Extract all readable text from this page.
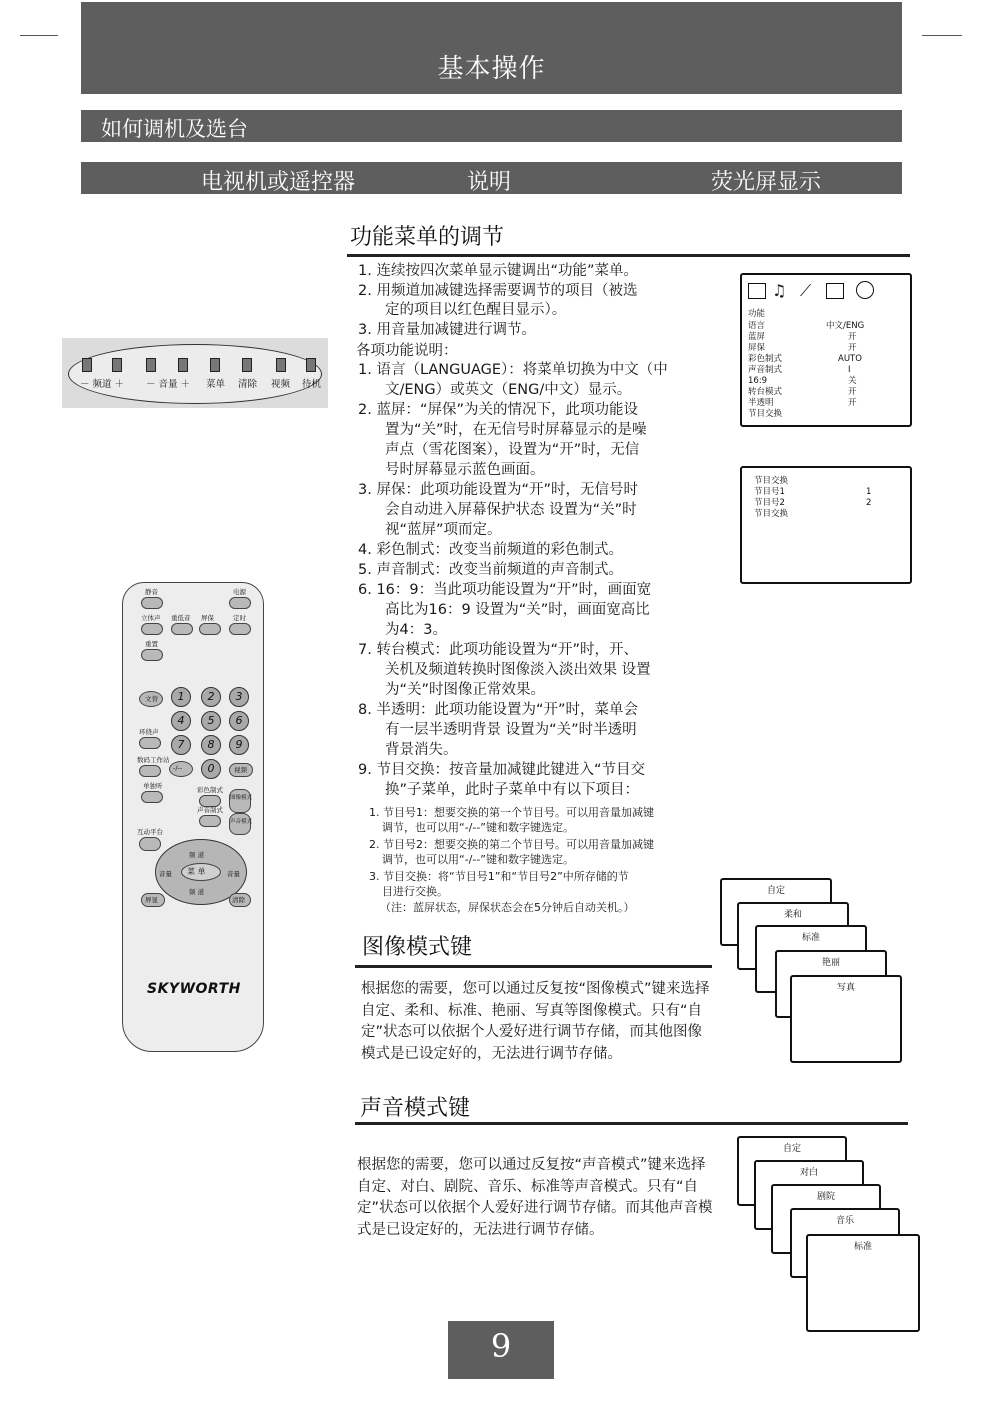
基本操作
如何调机及选台
电视机或遥控器	说明	荧光屏显示
－ 频道 ＋ － 音量 ＋ 菜单 清除 视频 待机
静音	电源
立体声 重低音 屏保	定时
重置
文替
环绕声
数码工作站
单独听
1	2	3
4	5	6
7	8	9
-/--	0	视频
彩色制式
图像模式
声音制式
声音模式
互动平台
菜 单
频 道
频 道
音量	音量
屏显	清除
SKYWORTH
功能菜单的调节
1. 连续按四次菜单显示键调出“功能”菜单。
2. 用频道加减键选择需要调节的项目（被选
定的项目以红色醒目显示）。
3. 用音量加减键进行调节。
各项功能说明：
1. 语言（LANGUAGE）：将菜单切换为中文（中
文/ENG）或英文（ENG/中文）显示。
2. 蓝屏：“屏保”为关的情况下，此项功能设
置为“关”时，在无信号时屏幕显示的是噪
声点（雪花图案），设置为“开”时，无信
号时屏幕显示蓝色画面。
3. 屏保：此项功能设置为“开”时，无信号时
会自动进入屏幕保护状态 设置为“关”时
视“蓝屏”项而定。
4. 彩色制式：改变当前频道的彩色制式。
5. 声音制式：改变当前频道的声音制式。
6. 16：9：当此项功能设置为“开”时，画面宽
高比为16：9 设置为“关”时，画面宽高比
为4：3。
7. 转台模式：此项功能设置为“开”时，开、
关机及频道转换时图像淡入淡出效果 设置
为“关”时图像正常效果。
8. 半透明：此项功能设置为“开”时，菜单会
有一层半透明背景 设置为“关”时半透明
背景消失。
9. 节目交换：按音量加减键此键进入“节目交
换”子菜单，此时子菜单中有以下项目：
1. 节目号1：想要交换的第一个节目号。可以用音量加减键
调节，也可以用“-/--”键和数字键选定。
2. 节目号2：想要交换的第二个节目号。可以用音量加减键
调节，也可以用“-/--”键和数字键选定。
3. 节目交换：将“节目号1”和“节目号2”中所存储的节
目进行交换。
（注：蓝屏状态，屏保状态会在5分钟后自动关机。）
♫ ⟋
功能
语言	中文/ENG
蓝屏	开
屏保	开
彩色制式	AUTO
声音制式	I
16:9	关
转台模式	开
半透明	开
节目交换
节目交换
节目号1	1
节目号2	2
节目交换
图像模式键
根据您的需要，您可以通过反复按“图像模式”键来选择自定、柔和、标准、艳丽、写真等图像模式。只有“自定”状态可以依据个人爱好进行调节存储，而其他图像模式是已设定好的，无法进行调节存储。
自定
柔和
标准
艳丽
写真
声音模式键
根据您的需要，您可以通过反复按“声音模式”键来选择自定、对白、剧院、音乐、标准等声音模式。只有“自定”状态可以依据个人爱好进行调节存储。而其他声音模式是已设定好的，无法进行调节存储。
自定
对白
剧院
音乐
标准
9
